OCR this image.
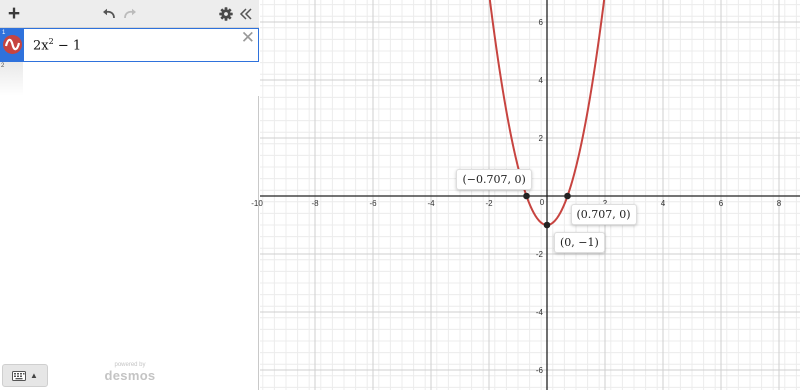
+
1
$2x^2 - 1$	✕
2
▲
powered by
desmos
-10	-8	-6	-4	-2	0	4	6	8
6
4
2
-2
-4
-6
(−0.707, 0)
(0.707, 0)
(0, −1)
